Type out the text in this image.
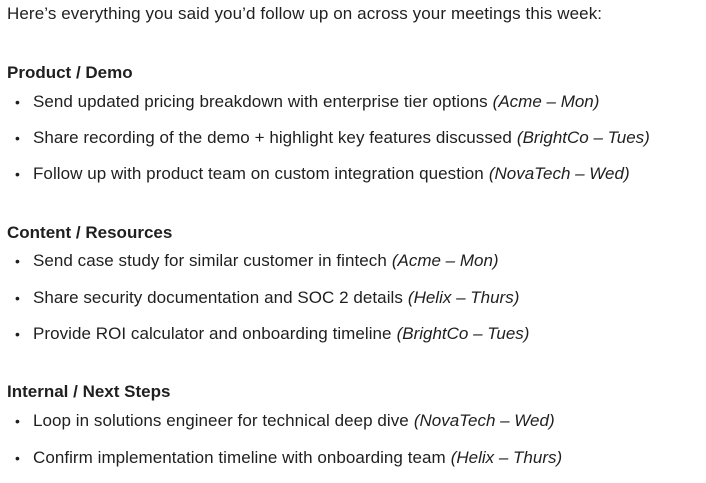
Here’s everything you said you’d follow up on across your meetings this week:
Product / Demo
• Send updated pricing breakdown with enterprise tier options (Acme – Mon)
• Share recording of the demo + highlight key features discussed (BrightCo – Tues)
• Follow up with product team on custom integration question (NovaTech – Wed)
Content / Resources
• Send case study for similar customer in fintech (Acme – Mon)
• Share security documentation and SOC 2 details (Helix – Thurs)
• Provide ROI calculator and onboarding timeline (BrightCo – Tues)
Internal / Next Steps
• Loop in solutions engineer for technical deep dive (NovaTech – Wed)
• Confirm implementation timeline with onboarding team (Helix – Thurs)
